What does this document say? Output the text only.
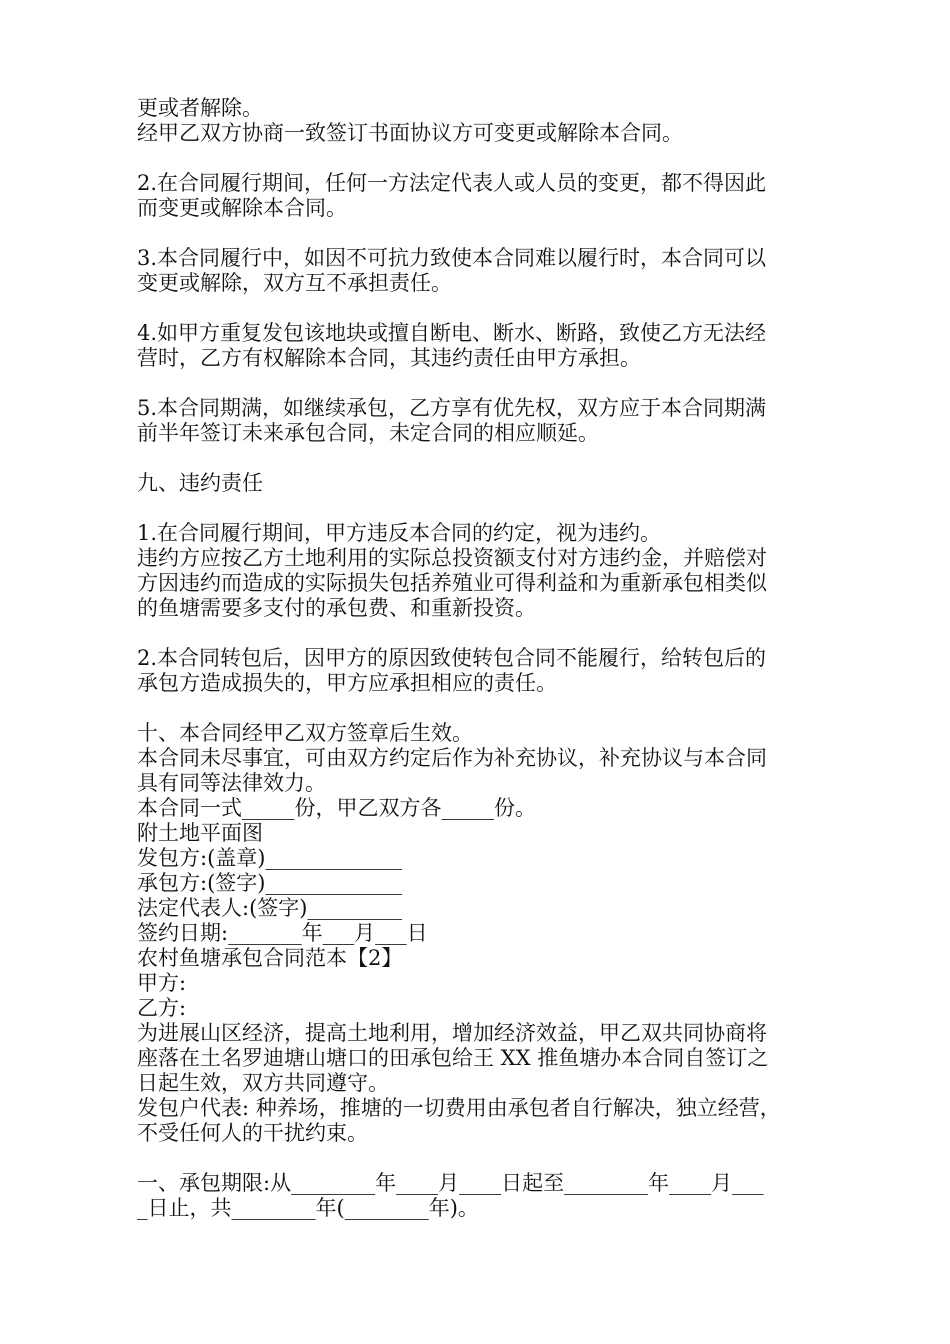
更或者解除。
经甲乙双方协商一致签订书面协议方可变更或解除本合同。
2.在合同履行期间，任何一方法定代表人或人员的变更，都不得因此
而变更或解除本合同。
3.本合同履行中，如因不可抗力致使本合同难以履行时，本合同可以
变更或解除，双方互不承担责任。
4.如甲方重复发包该地块或擅自断电、断水、断路，致使乙方无法经
营时，乙方有权解除本合同，其违约责任由甲方承担。
5.本合同期满，如继续承包，乙方享有优先权，双方应于本合同期满
前半年签订未来承包合同，未定合同的相应顺延。
九、违约责任
1.在合同履行期间，甲方违反本合同的约定，视为违约。
违约方应按乙方土地利用的实际总投资额支付对方违约金，并赔偿对
方因违约而造成的实际损失包括养殖业可得利益和为重新承包相类似
的鱼塘需要多支付的承包费、和重新投资。
2.本合同转包后，因甲方的原因致使转包合同不能履行，给转包后的
承包方造成损失的，甲方应承担相应的责任。
十、本合同经甲乙双方签章后生效。
本合同未尽事宜，可由双方约定后作为补充协议，补充协议与本合同
具有同等法律效力。
本合同一式_____份，甲乙双方各_____份。
附土地平面图
发包方:(盖章)_____________
承包方:(签字)_____________
法定代表人:(签字)_________
签约日期:_______年___月___日
农村鱼塘承包合同范本【2】
甲方:
乙方:
为进展山区经济，提高土地利用，增加经济效益，甲乙双共同协商将
座落在土名罗迪塘山塘口的田承包给王 XX 推鱼塘办本合同自签订之
日起生效，双方共同遵守。
发包户代表: 种养场，推塘的一切费用由承包者自行解决，独立经营，
不受任何人的干扰约束。
一、承包期限:从________年____月____日起至________年____月___
_日止，共________年(________年)。
